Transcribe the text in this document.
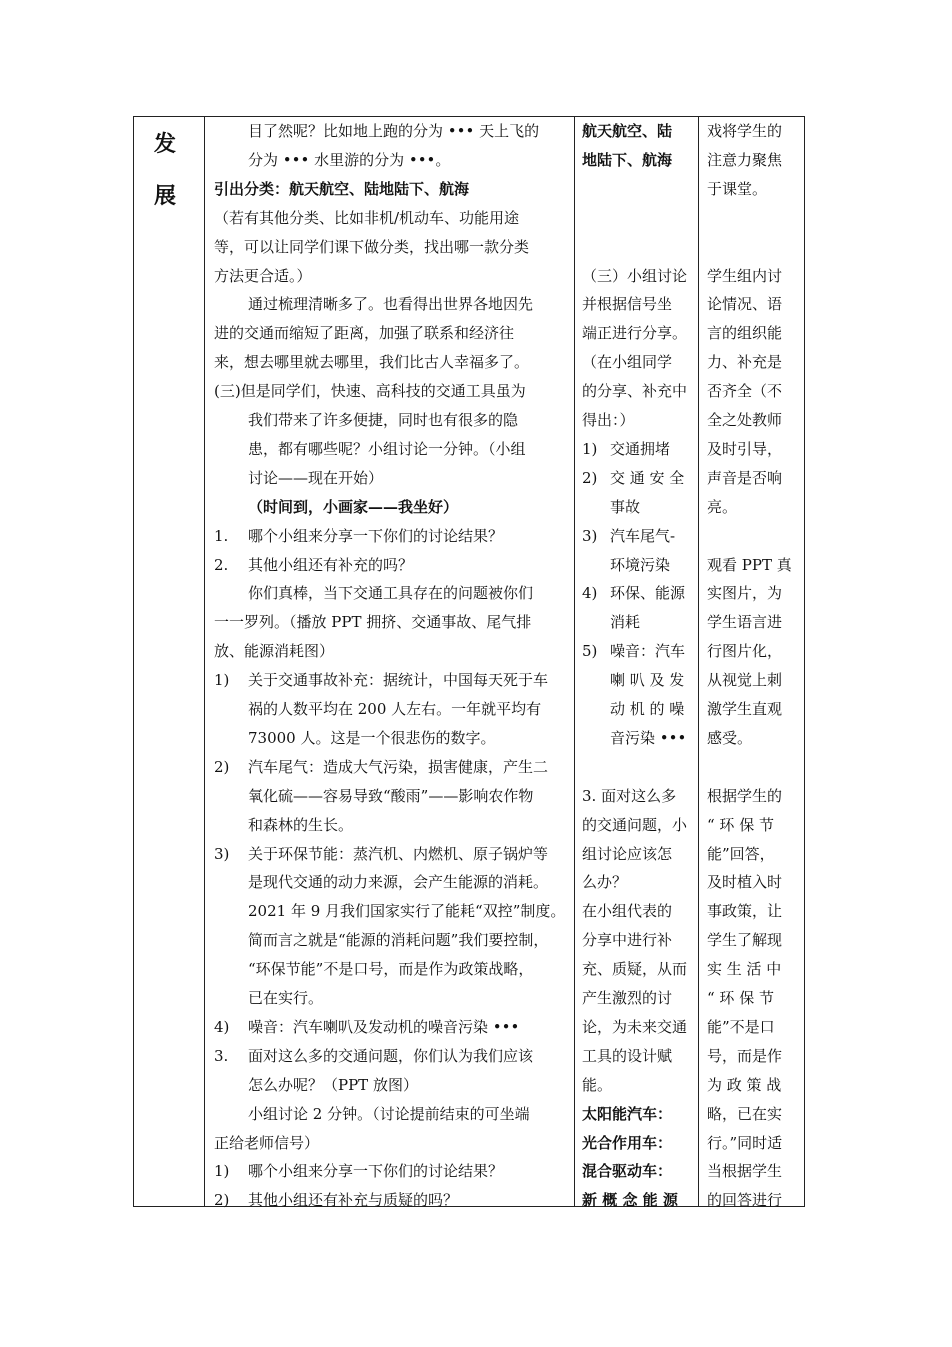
发
展
目了然呢？比如地上跑的分为 ••• 天上飞的
分为 ••• 水里游的分为 •••。
引出分类：航天航空、陆地陆下、航海
（若有其他分类、比如非机/机动车、功能用途
等，可以让同学们课下做分类，找出哪一款分类
方法更合适。）
通过梳理清晰多了。也看得出世界各地因先
进的交通而缩短了距离，加强了联系和经济往
来，想去哪里就去哪里，我们比古人幸福多了。
(三)但是同学们，快速、高科技的交通工具虽为
我们带来了许多便捷，同时也有很多的隐
患，都有哪些呢？小组讨论一分钟。（小组
讨论——现在开始）
（时间到，小画家——我坐好）
1. 哪个小组来分享一下你们的讨论结果？
2. 其他小组还有补充的吗？
你们真棒，当下交通工具存在的问题被你们
一一罗列。（播放 PPT 拥挤、交通事故、尾气排
放、能源消耗图）
1) 关于交通事故补充：据统计，中国每天死于车
祸的人数平均在 200 人左右。一年就平均有
73000 人。这是一个很悲伤的数字。
2) 汽车尾气：造成大气污染，损害健康，产生二
氧化硫——容易导致“酸雨”——影响农作物
和森林的生长。
3) 关于环保节能：蒸汽机、内燃机、原子锅炉等
是现代交通的动力来源，会产生能源的消耗。
2021 年 9 月我们国家实行了能耗“双控”制度。
简而言之就是“能源的消耗问题”我们要控制，
“环保节能”不是口号，而是作为政策战略，
已在实行。
4) 噪音：汽车喇叭及发动机的噪音污染 •••
3. 面对这么多的交通问题，你们认为我们应该
怎么办呢？（PPT 放图）
小组讨论 2 分钟。（讨论提前结束的可坐端
正给老师信号）
1) 哪个小组来分享一下你们的讨论结果？
2) 其他小组还有补充与质疑的吗？
航天航空、陆
地陆下、航海
（三）小组讨论
并根据信号坐
端正进行分享。
（在小组同学
的分享、补充中
得出：）
1) 交通拥堵
2) 交 通 安 全
事故
3) 汽车尾气-
环境污染
4) 环保、能源
消耗
5) 噪音：汽车
喇 叭 及 发
动 机 的 噪
音污染 •••
3. 面对这么多
的交通问题，小
组讨论应该怎
么办？
在小组代表的
分享中进行补
充、质疑，从而
产生激烈的讨
论，为未来交通
工具的设计赋
能。
太阳能汽车：
光合作用车：
混合驱动车：
新 概 念 能 源
戏将学生的
注意力聚焦
于课堂。
学生组内讨
论情况、语
言的组织能
力、补充是
否齐全（不
全之处教师
及时引导，
声音是否响
亮。
观看 PPT 真
实图片，为
学生语言进
行图片化，
从视觉上刺
激学生直观
感受。
根据学生的
“ 环 保 节
能”回答，
及时植入时
事政策，让
学生了解现
实 生 活 中
“ 环 保 节
能”不是口
号，而是作
为 政 策 战
略，已在实
行。”同时适
当根据学生
的回答进行
